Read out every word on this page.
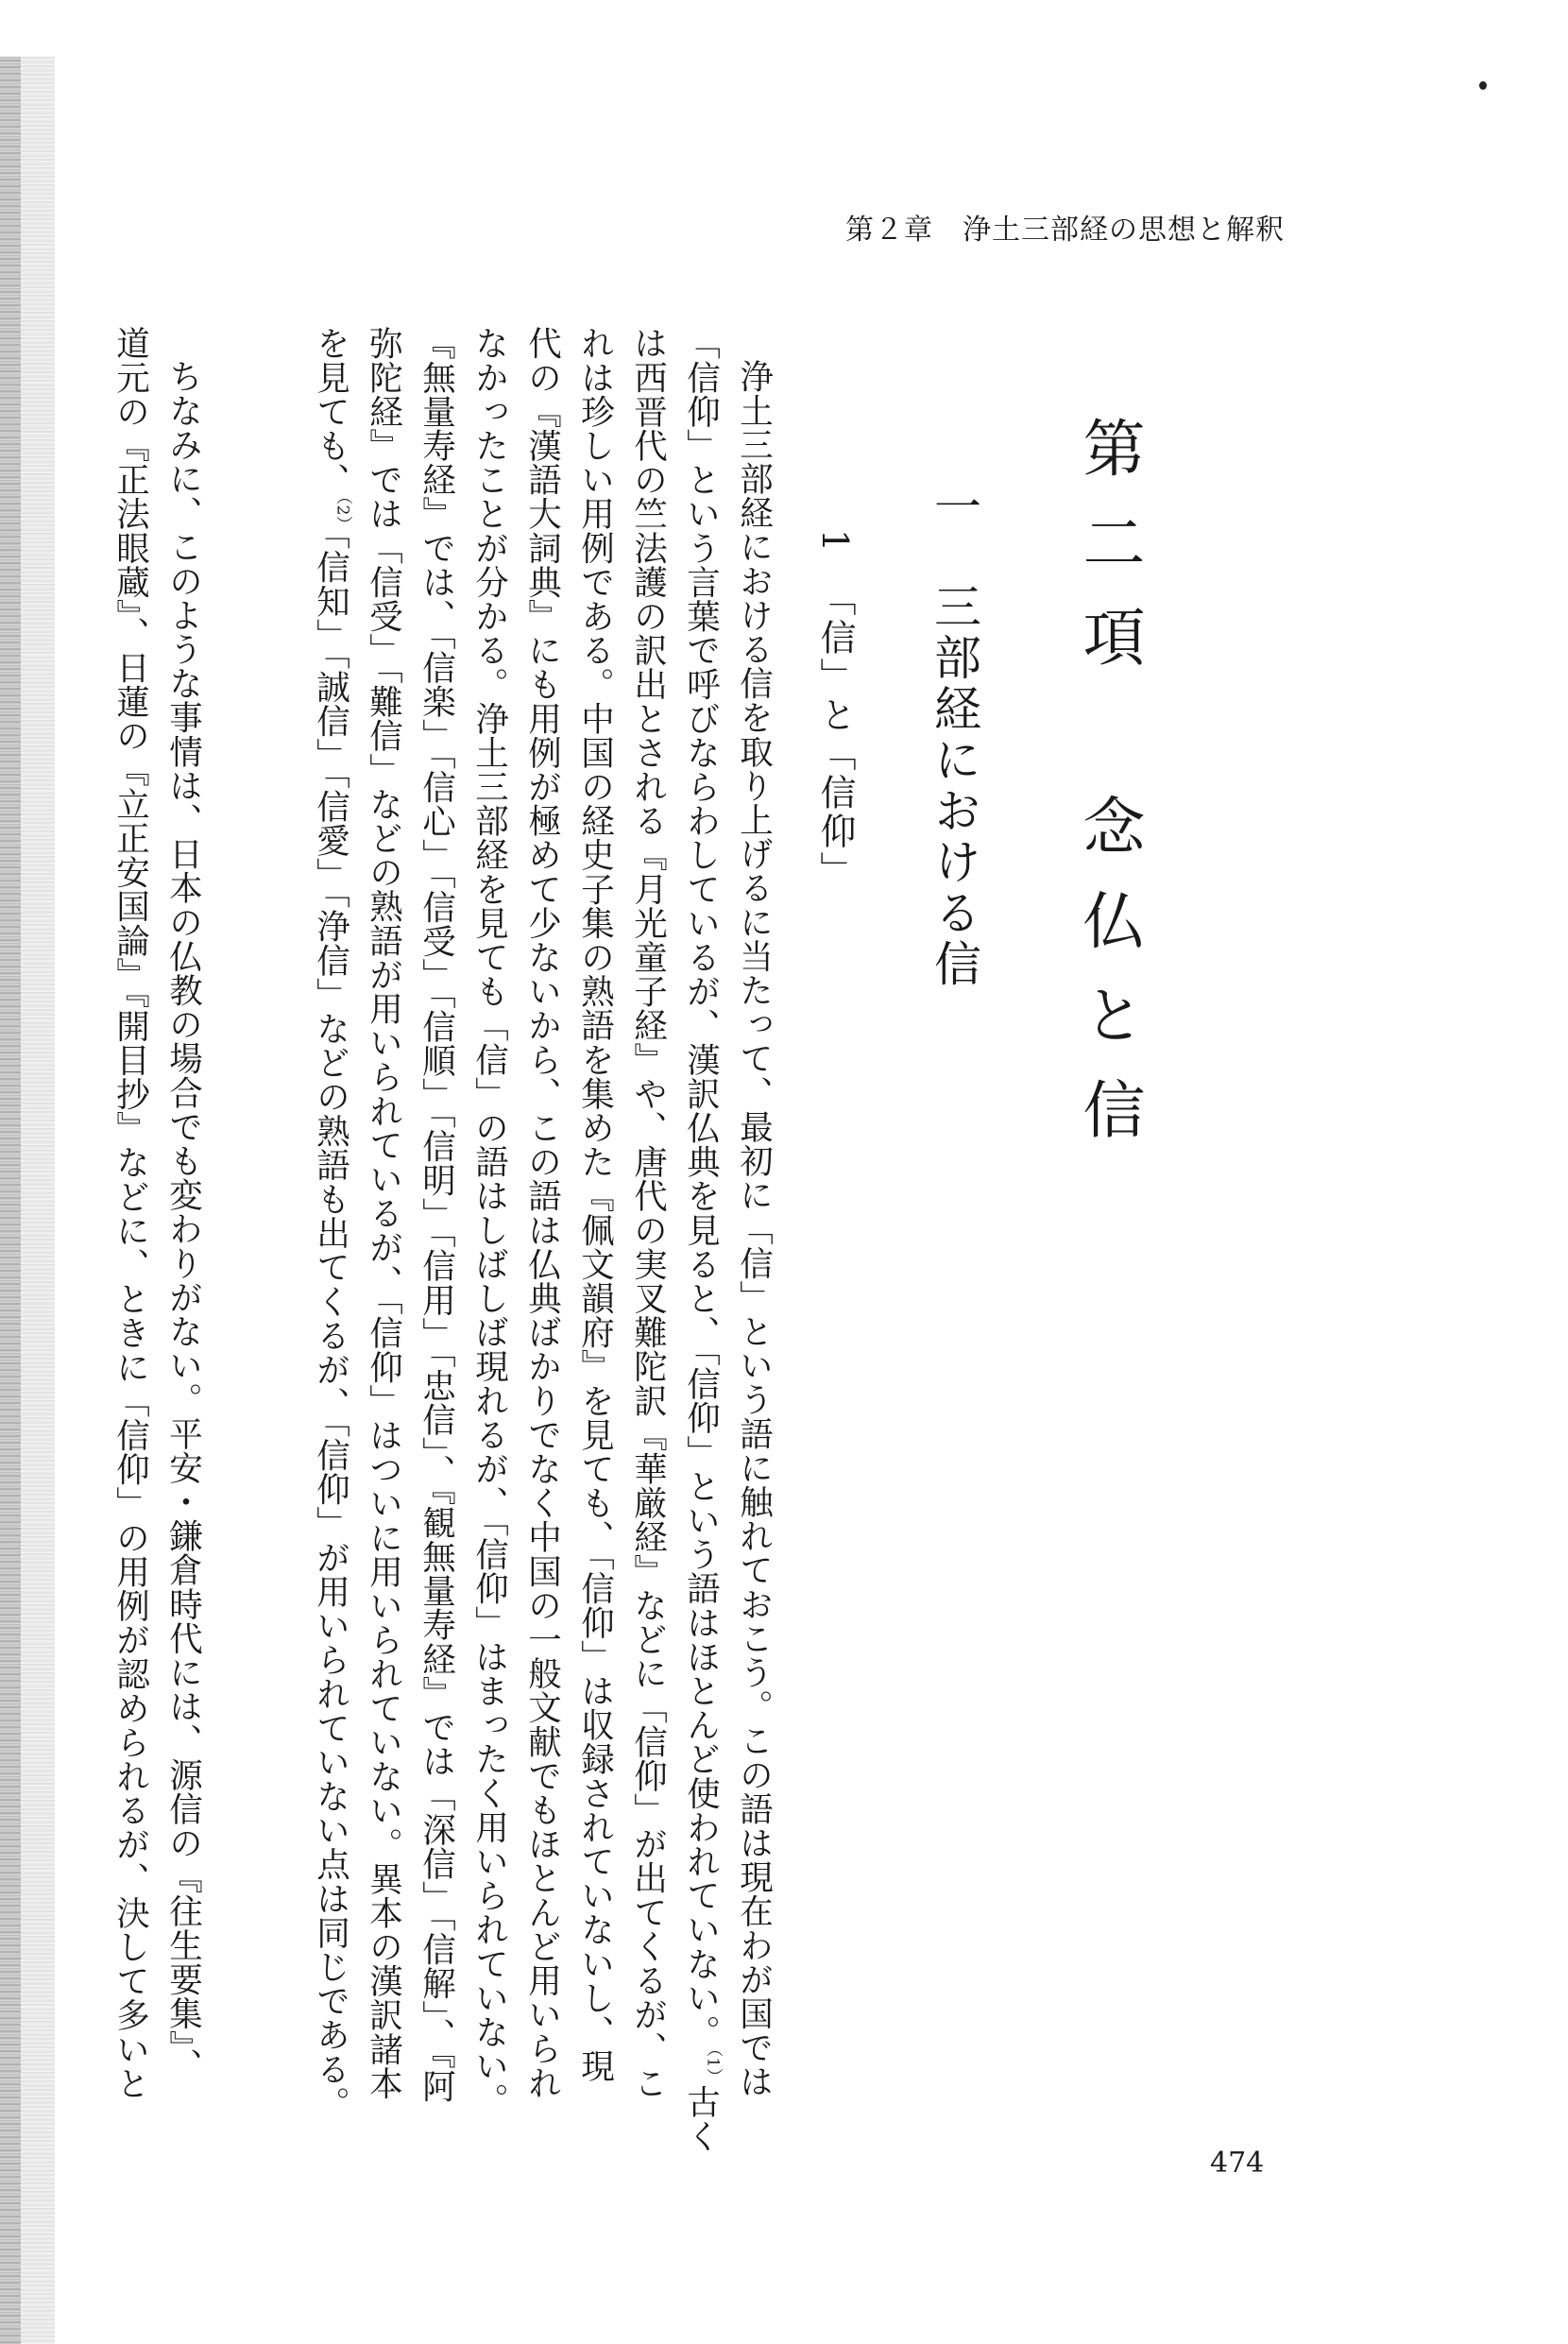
第２章　浄土三部経の思想と解釈
第二項　念仏と信
一三部経における信
1「信」と「信仰」
浄土三部経における信を取り上げるに当たって、最初に「信」という語に触れておこう。この語は現在わが国では
「信仰」という言葉で呼びならわしているが、漢訳仏典を見ると、「信仰」という語はほとんど使われていない。$^{(1)}$古く
は西晋代の竺法護の訳出とされる『月光童子経』や、唐代の実叉難陀訳『華厳経』などに「信仰」が出てくるが、こ
れは珍しい用例である。中国の経史子集の熟語を集めた『佩文韻府』を見ても、「信仰」は収録されていないし、現
代の『漢語大詞典』にも用例が極めて少ないから、この語は仏典ばかりでなく中国の一般文献でもほとんど用いられ
なかったことが分かる。浄土三部経を見ても「信」の語はしばしば現れるが、「信仰」はまったく用いられていない。
『無量寿経』では、「信楽」「信心」「信受」「信順」「信明」「信用」「忠信」、『観無量寿経』では「深信」「信解」、『阿
弥陀経』では「信受」「難信」などの熟語が用いられているが、「信仰」はついに用いられていない。異本の漢訳諸本
を見ても、$^{(2)}$「信知」「誠信」「信愛」「浄信」などの熟語も出てくるが、「信仰」が用いられていない点は同じである。
ちなみに、このような事情は、日本の仏教の場合でも変わりがない。平安・鎌倉時代には、源信の『往生要集』、
道元の『正法眼蔵』、日蓮の『立正安国論』『開目抄』などに、ときに「信仰」の用例が認められるが、決して多いと
474
